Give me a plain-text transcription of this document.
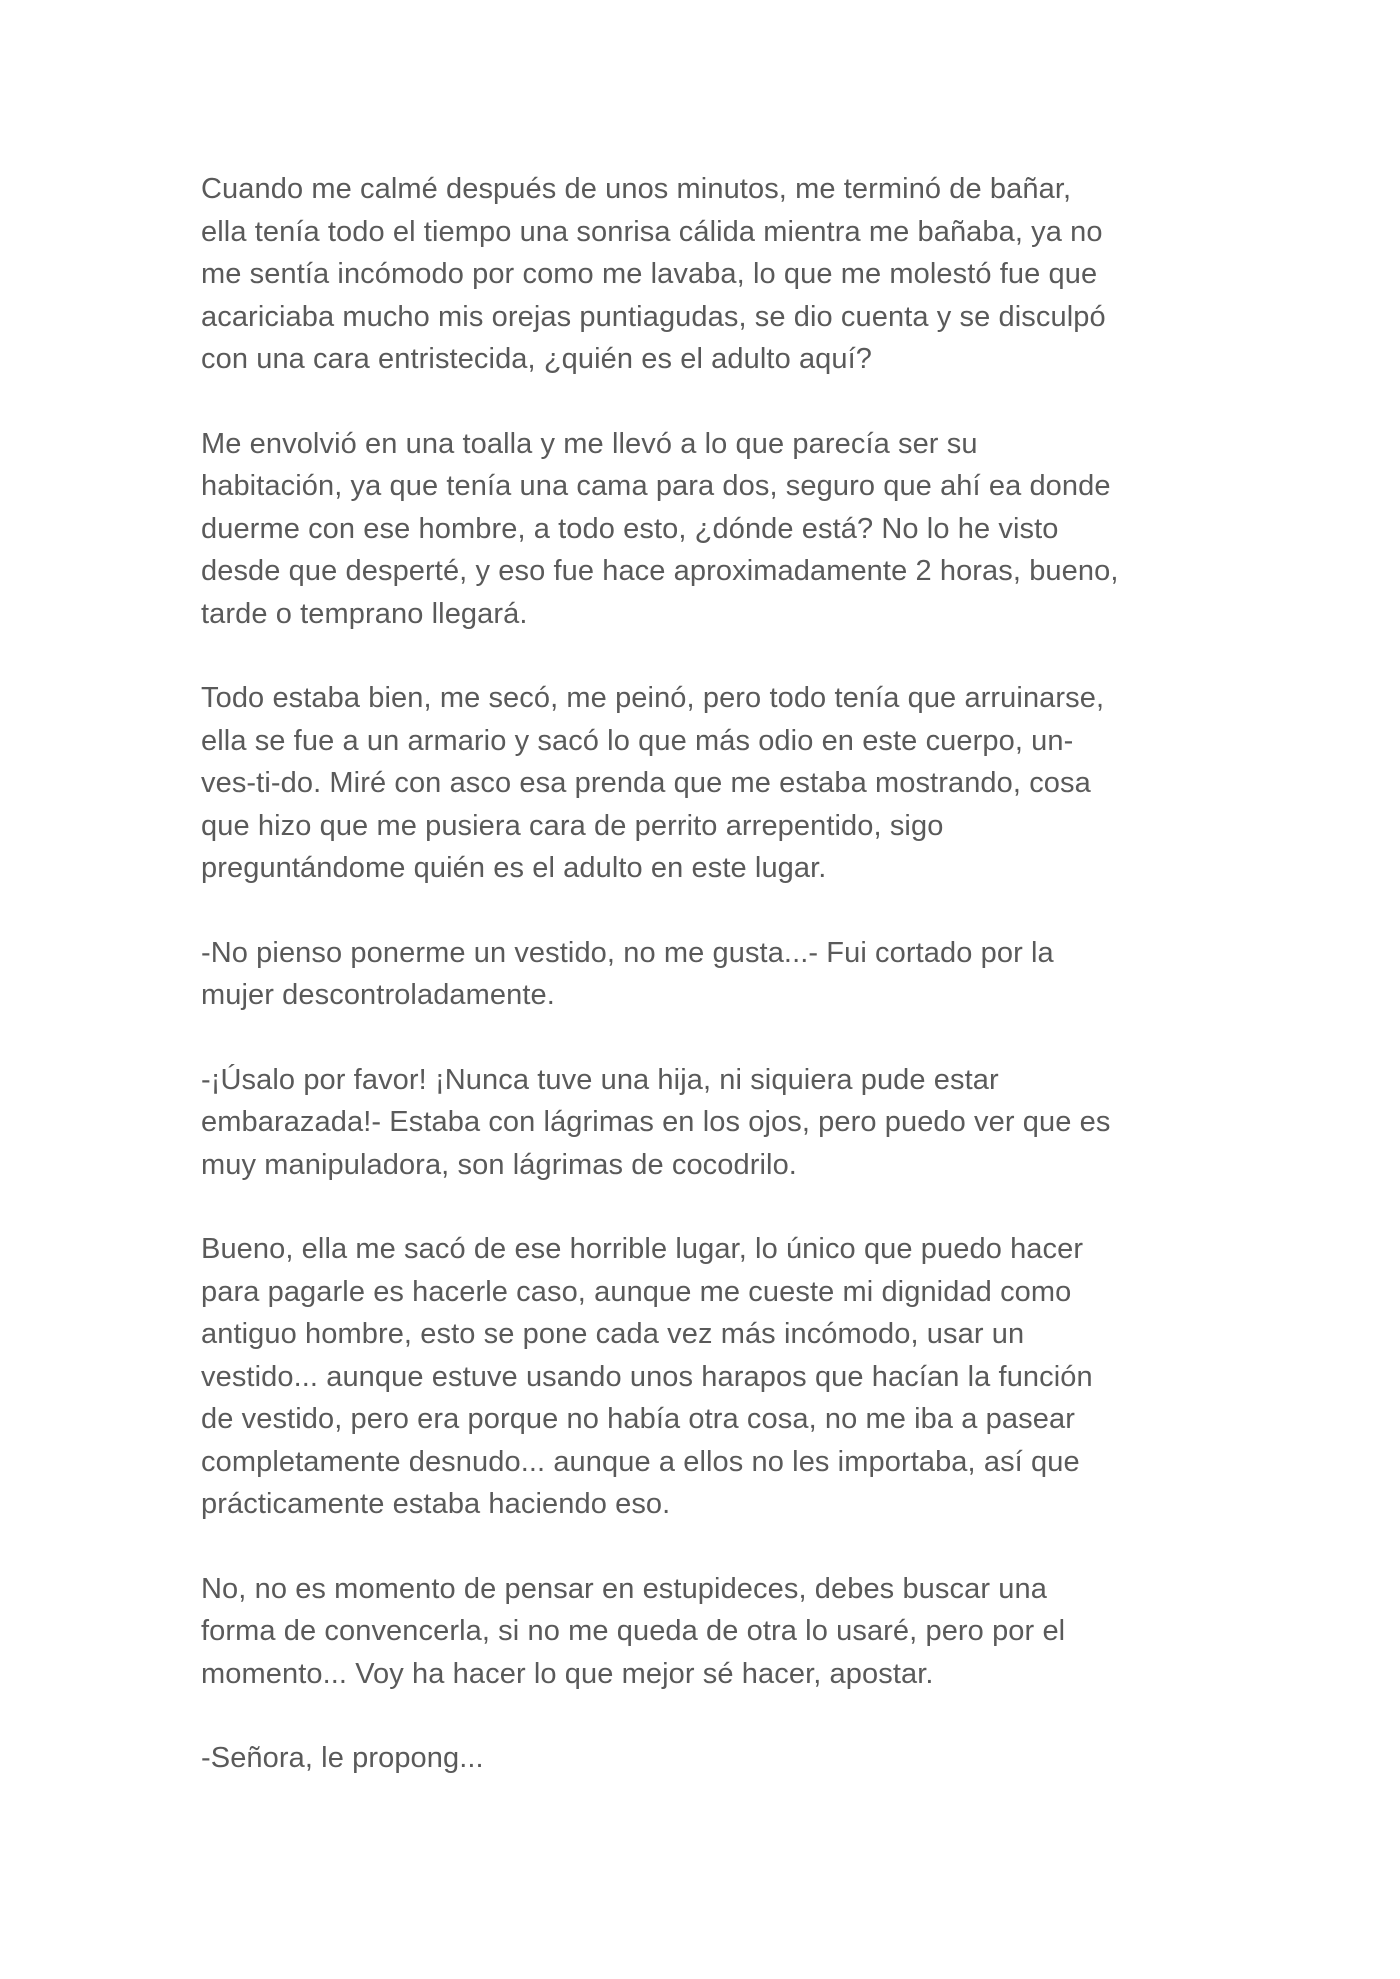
Cuando me calmé después de unos minutos, me terminó de bañar,
ella tenía todo el tiempo una sonrisa cálida mientra me bañaba, ya no
me sentía incómodo por como me lavaba, lo que me molestó fue que
acariciaba mucho mis orejas puntiagudas, se dio cuenta y se disculpó
con una cara entristecida, ¿quién es el adulto aquí?

Me envolvió en una toalla y me llevó a lo que parecía ser su
habitación, ya que tenía una cama para dos, seguro que ahí ea donde
duerme con ese hombre, a todo esto, ¿dónde está? No lo he visto
desde que desperté, y eso fue hace aproximadamente 2 horas, bueno,
tarde o temprano llegará.

Todo estaba bien, me secó, me peinó, pero todo tenía que arruinarse,
ella se fue a un armario y sacó lo que más odio en este cuerpo, un-
ves-ti-do. Miré con asco esa prenda que me estaba mostrando, cosa
que hizo que me pusiera cara de perrito arrepentido, sigo
preguntándome quién es el adulto en este lugar.

-No pienso ponerme un vestido, no me gusta...- Fui cortado por la
mujer descontroladamente.

-¡Úsalo por favor! ¡Nunca tuve una hija, ni siquiera pude estar
embarazada!- Estaba con lágrimas en los ojos, pero puedo ver que es
muy manipuladora, son lágrimas de cocodrilo.

Bueno, ella me sacó de ese horrible lugar, lo único que puedo hacer
para pagarle es hacerle caso, aunque me cueste mi dignidad como
antiguo hombre, esto se pone cada vez más incómodo, usar un
vestido... aunque estuve usando unos harapos que hacían la función
de vestido, pero era porque no había otra cosa, no me iba a pasear
completamente desnudo... aunque a ellos no les importaba, así que
prácticamente estaba haciendo eso.

No, no es momento de pensar en estupideces, debes buscar una
forma de convencerla, si no me queda de otra lo usaré, pero por el
momento... Voy ha hacer lo que mejor sé hacer, apostar.

-Señora, le propong...
